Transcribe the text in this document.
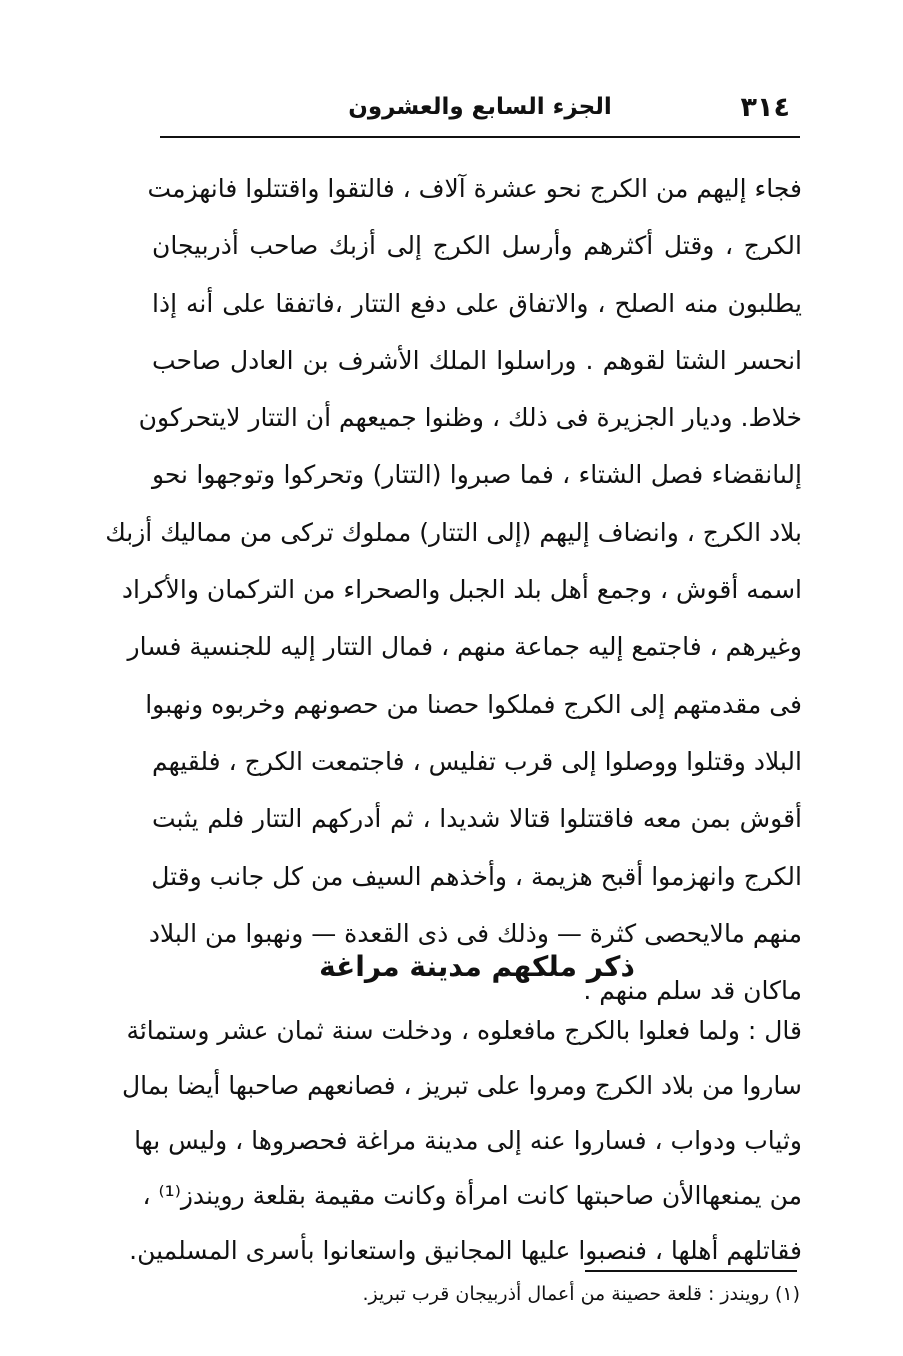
٣١٤
الجزء السابع والعشرون
فجاء إليهم من الكرج نحو عشرة آلاف ، فالتقوا واقتتلوا فانهزمت
الكرج ، وقتل أكثرهم وأرسل الكرج إلى أزبك صاحب أذربيجان
يطلبون منه الصلح ، والاتفاق على دفع التتار ،فاتفقا على أنه إذا
انحسر الشتا لقوهم . وراسلوا الملك الأشرف بن العادل صاحب
خلاط. وديار الجزيرة فى ذلك ، وظنوا جميعهم أن التتار لايتحركون
إلىانقضاء فصل الشتاء ، فما صبروا (التتار) وتحركوا وتوجهوا نحو
بلاد الكرج ، وانضاف إليهم (إلى التتار) مملوك تركى من مماليك أزبك
اسمه أقوش ، وجمع أهل بلد الجبل والصحراء من التركمان والأكراد
وغيرهم ، فاجتمع إليه جماعة منهم ، فمال التتار إليه للجنسية فسار
فى مقدمتهم إلى الكرج فملكوا حصنا من حصونهم وخربوه ونهبوا
البلاد وقتلوا ووصلوا إلى قرب تفليس ، فاجتمعت الكرج ، فلقيهم
أقوش بمن معه فاقتتلوا قتالا شديدا ، ثم أدركهم التتار فلم يثبت
الكرج وانهزموا أقبح هزيمة ، وأخذهم السيف من كل جانب وقتل
منهم مالايحصى كثرة — وذلك فى ذى القعدة — ونهبوا من البلاد
ماكان قد سلم منهم .
ذكر ملكهم مدينة مراغة
قال : ولما فعلوا بالكرج مافعلوه ، ودخلت سنة ثمان عشر وستمائة
ساروا من بلاد الكرج ومروا على تبريز ، فصانعهم صاحبها أيضا بمال
وثياب ودواب ، فساروا عنه إلى مدينة مراغة فحصروها ، وليس بها
من يمنعهاالأن صاحبتها كانت امرأة وكانت مقيمة بقلعة رويندز⁽¹⁾ ،
فقاتلهم أهلها ، فنصبوا عليها المجانيق واستعانوا بأسرى المسلمين.
(١) رويندز : قلعة حصينة من أعمال أذربيجان قرب تبريز.
